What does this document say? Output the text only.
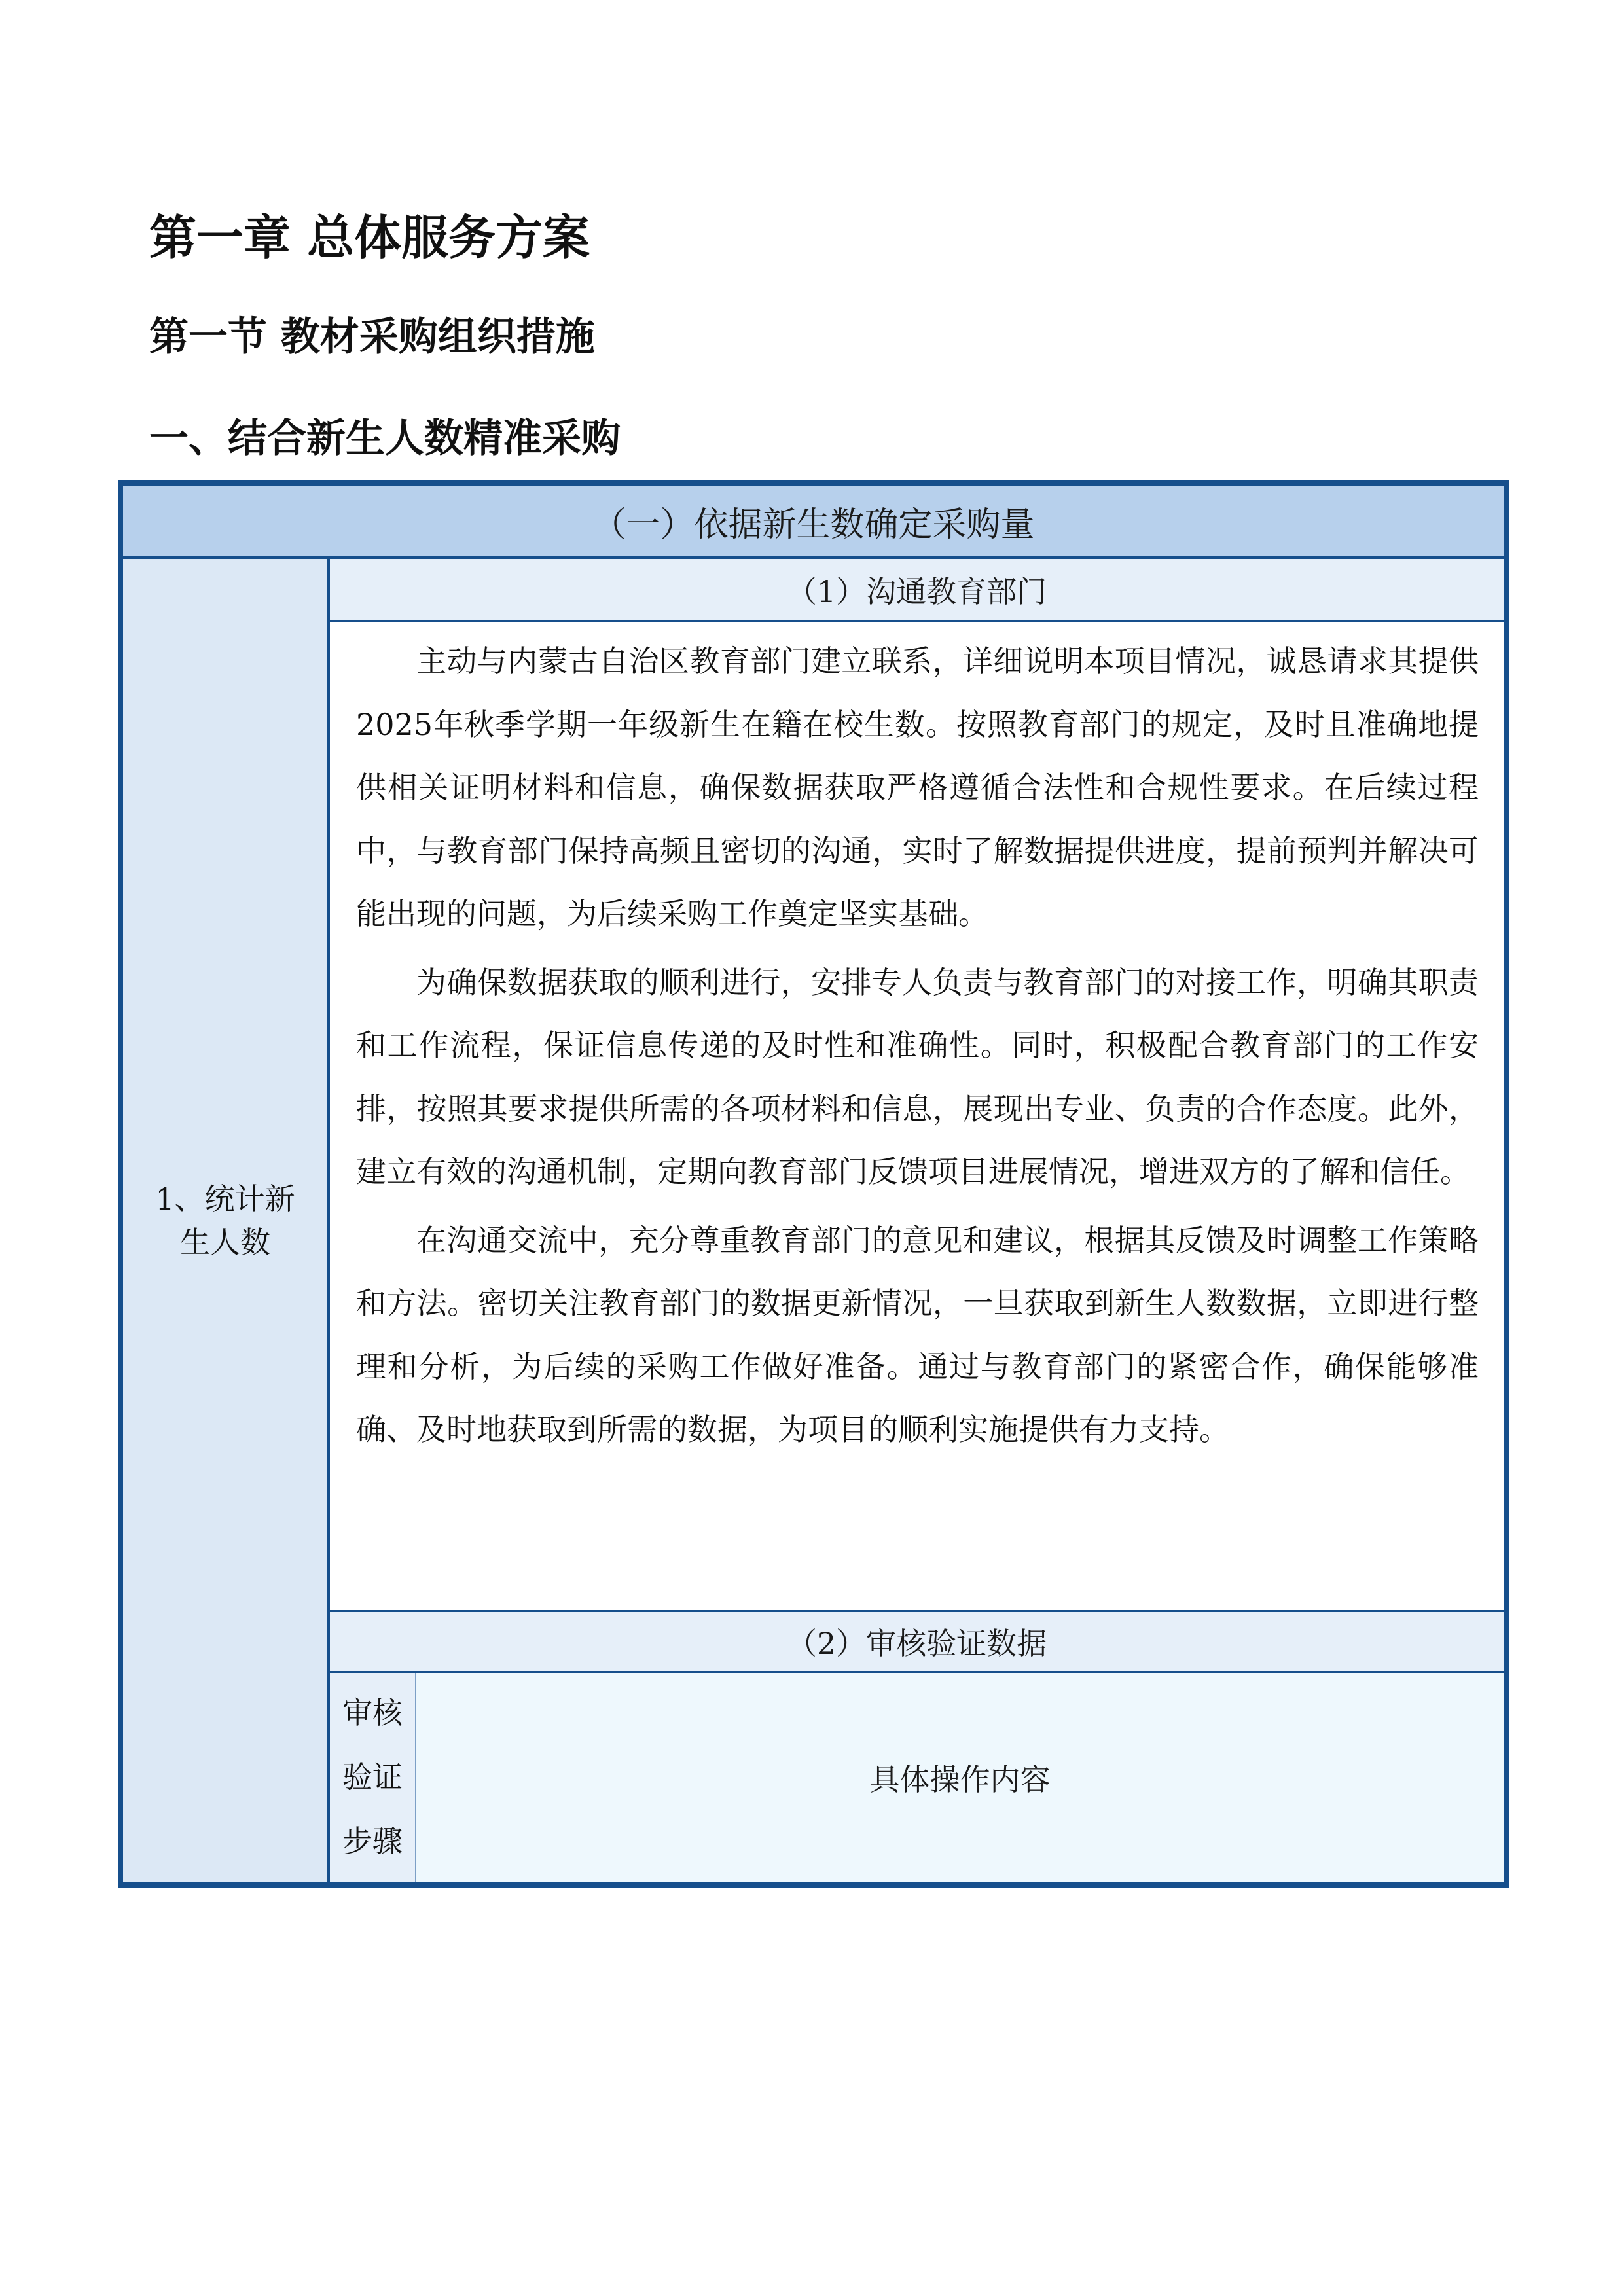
第一章 总体服务方案
第一节 教材采购组织措施
一、结合新生人数精准采购
（一）依据新生数确定采购量
1、统计新生人数
（1）沟通教育部门

主动与内蒙古自治区教育部门建立联系，详细说明本项目情况，诚恳请求其提供2025年秋季学期一年级新生在籍在校生数。按照教育部门的规定，及时且准确地提供相关证明材料和信息，确保数据获取严格遵循合法性和合规性要求。在后续过程中，与教育部门保持高频且密切的沟通，实时了解数据提供进度，提前预判并解决可能出现的问题，为后续采购工作奠定坚实基础。

为确保数据获取的顺利进行，安排专人负责与教育部门的对接工作，明确其职责和工作流程，保证信息传递的及时性和准确性。同时，积极配合教育部门的工作安排，按照其要求提供所需的各项材料和信息，展现出专业、负责的合作态度。此外，建立有效的沟通机制，定期向教育部门反馈项目进展情况，增进双方的了解和信任。

在沟通交流中，充分尊重教育部门的意见和建议，根据其反馈及时调整工作策略和方法。密切关注教育部门的数据更新情况，一旦获取到新生人数数据，立即进行整理和分析，为后续的采购工作做好准备。通过与教育部门的紧密合作，确保能够准确、及时地获取到所需的数据，为项目的顺利实施提供有力支持。

（2）审核验证数据
审核验证步骤
具体操作内容
